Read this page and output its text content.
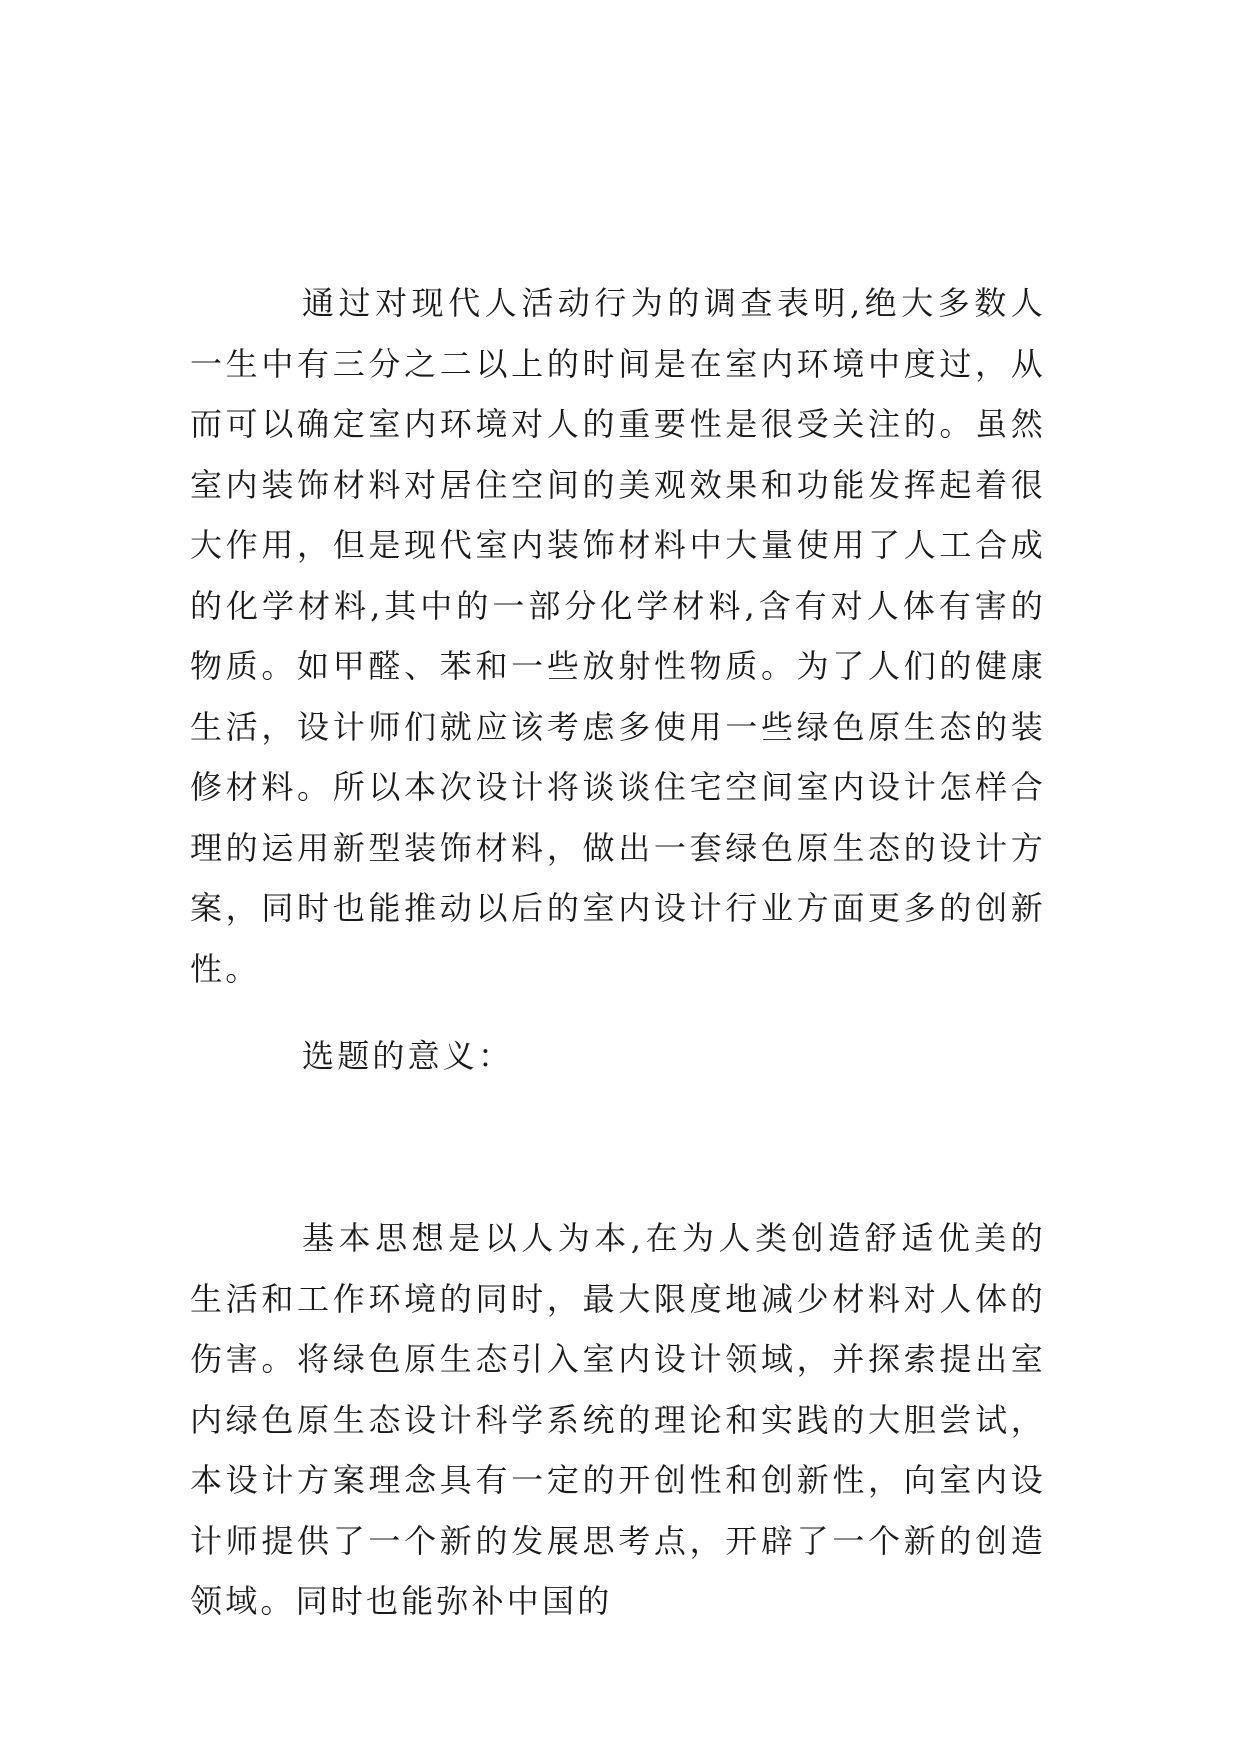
通过对现代人活动行为的调查表明,绝大多数人一生中有三分之二以上的时间是在室内环境中度过，从而可以确定室内环境对人的重要性是很受关注的。虽然室内装饰材料对居住空间的美观效果和功能发挥起着很大作用，但是现代室内装饰材料中大量使用了人工合成的化学材料,其中的一部分化学材料,含有对人体有害的物质。如甲醛、苯和一些放射性物质。为了人们的健康生活，设计师们就应该考虑多使用一些绿色原生态的装修材料。所以本次设计将谈谈住宅空间室内设计怎样合理的运用新型装饰材料，做出一套绿色原生态的设计方案，同时也能推动以后的室内设计行业方面更多的创新性。

选题的意义：

基本思想是以人为本,在为人类创造舒适优美的生活和工作环境的同时，最大限度地减少材料对人体的伤害。将绿色原生态引入室内设计领域，并探索提出室内绿色原生态设计科学系统的理论和实践的大胆尝试，本设计方案理念具有一定的开创性和创新性，向室内设计师提供了一个新的发展思考点，开辟了一个新的创造领域。同时也能弥补中国的
